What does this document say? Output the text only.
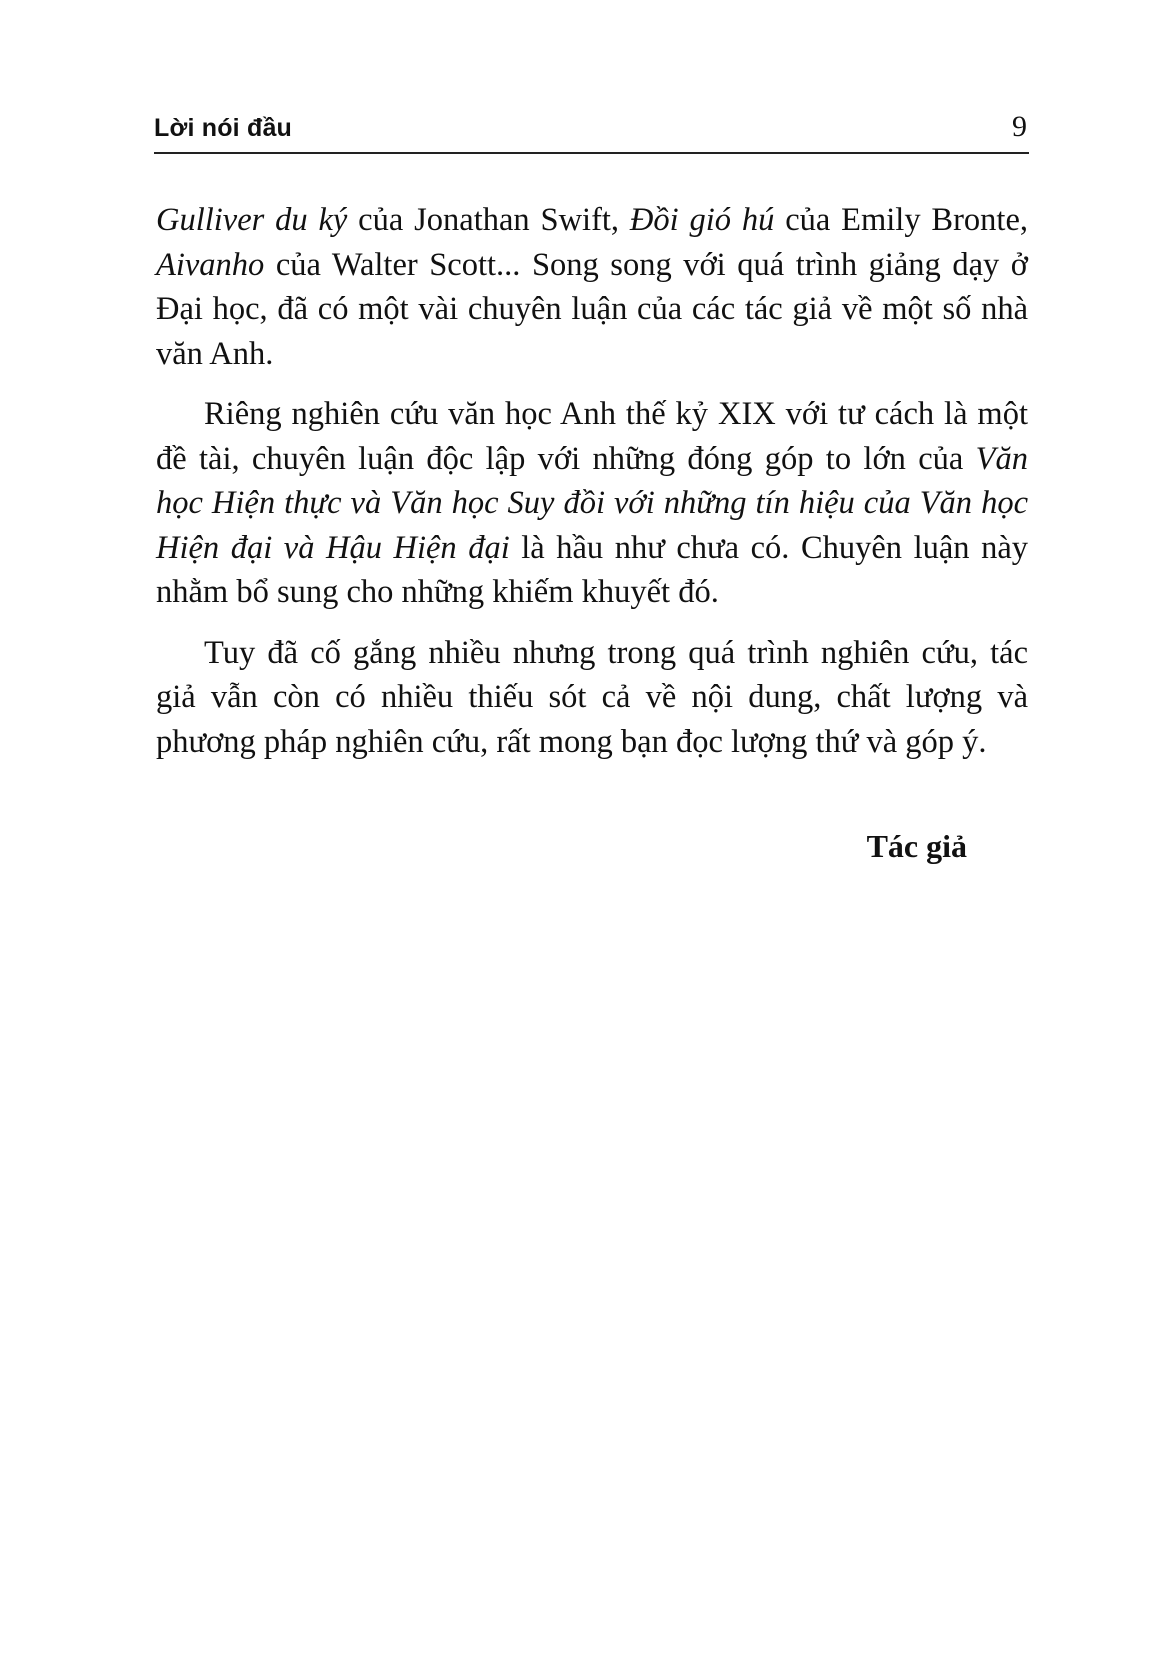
Lời nói đầu	9

Gulliver du ký của Jonathan Swift, Đồi gió hú của Emily Bronte, Aivanho của Walter Scott... Song song với quá trình giảng dạy ở Đại học, đã có một vài chuyên luận của các tác giả về một số nhà văn Anh.

Riêng nghiên cứu văn học Anh thế kỷ XIX với tư cách là một đề tài, chuyên luận độc lập với những đóng góp to lớn của Văn học Hiện thực và Văn học Suy đồi với những tín hiệu của Văn học Hiện đại và Hậu Hiện đại là hầu như chưa có. Chuyên luận này nhằm bổ sung cho những khiếm khuyết đó.

Tuy đã cố gắng nhiều nhưng trong quá trình nghiên cứu, tác giả vẫn còn có nhiều thiếu sót cả về nội dung, chất lượng và phương pháp nghiên cứu, rất mong bạn đọc lượng thứ và góp ý.

Tác giả
